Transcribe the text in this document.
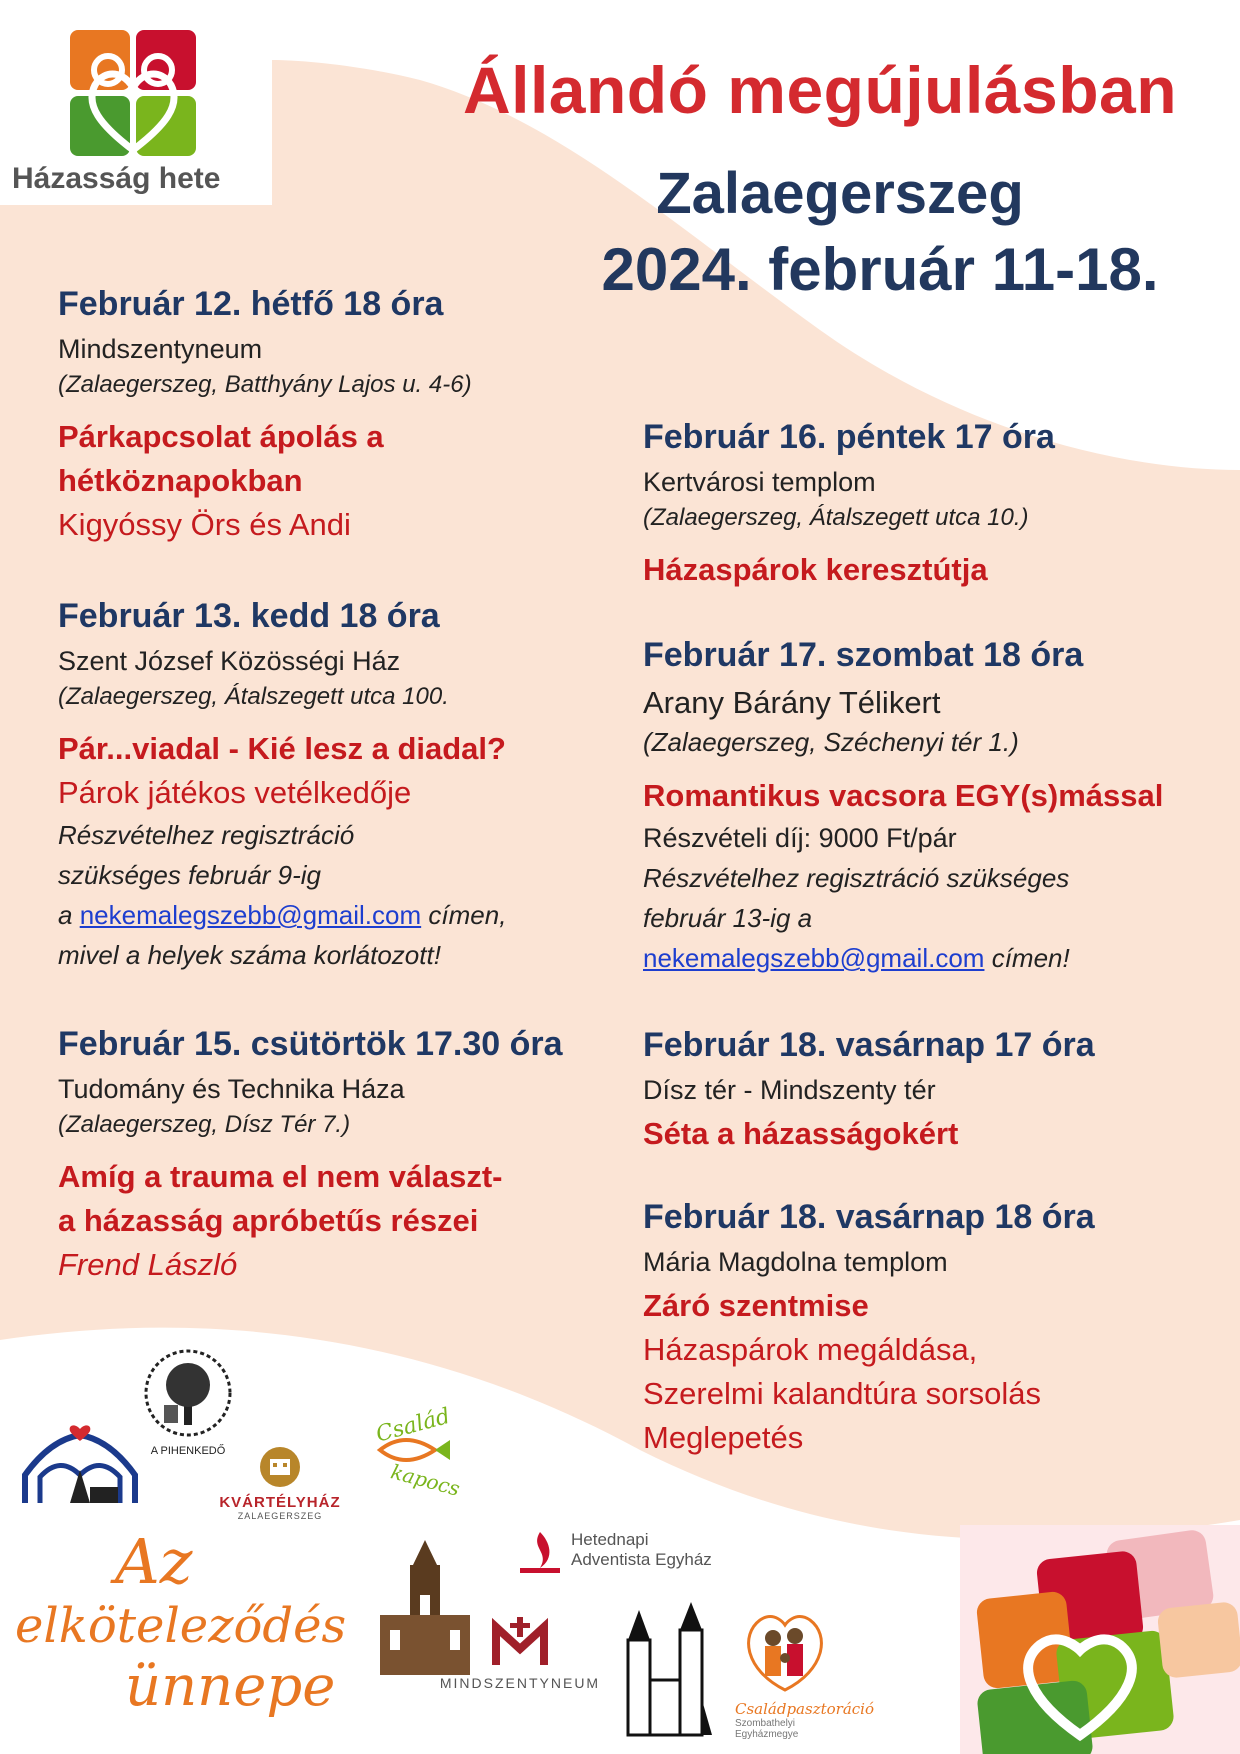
Házasság hete
Állandó megújulásban
Zalaegerszeg
2024. február 11-18.
Február 12. hétfő 18 óra
Mindszentyneum
(Zalaegerszeg, Batthyány Lajos u. 4-6)
Párkapcsolat ápolás a
hétköznapokban
Kigyóssy Örs és Andi
Február 13. kedd 18 óra
Szent József Közösségi Ház
(Zalaegerszeg, Átalszegett utca 100.
Pár...viadal - Kié lesz a diadal?
Párok játékos vetélkedője
Részvételhez regisztráció
szükséges február 9-ig
a nekemalegszebb@gmail.com címen,
mivel a helyek száma korlátozott!
Február 15. csütörtök 17.30 óra
Tudomány és Technika Háza
(Zalaegerszeg, Dísz Tér 7.)
Amíg a trauma el nem választ-
a házasság apróbetűs részei
Frend László
Február 16. péntek 17 óra
Kertvárosi templom
(Zalaegerszeg, Átalszegett utca 10.)
Házaspárok keresztútja
Február 17. szombat 18 óra
Arany Bárány Télikert
(Zalaegerszeg, Széchenyi tér 1.)
Romantikus vacsora EGY(s)mással
Részvételi díj: 9000 Ft/pár
Részvételhez regisztráció szükséges
február 13-ig a
nekemalegszebb@gmail.com címen!
Február 18. vasárnap 17 óra
Dísz tér - Mindszenty tér
Séta a házasságokért
Február 18. vasárnap 18 óra
Mária Magdolna templom
Záró szentmise
Házaspárok megáldása,
Szerelmi kalandtúra sorsolás
Meglepetés
A PIHENKEDŐ
KVÁRTÉLYHÁZ
ZALAEGERSZEG
Család
kapocs
Az
elköteleződés
ünnepe
Hetednapi
Adventista Egyház
MINDSZENTYNEUM
Családpasztoráció
Szombathelyi
Egyházmegye
